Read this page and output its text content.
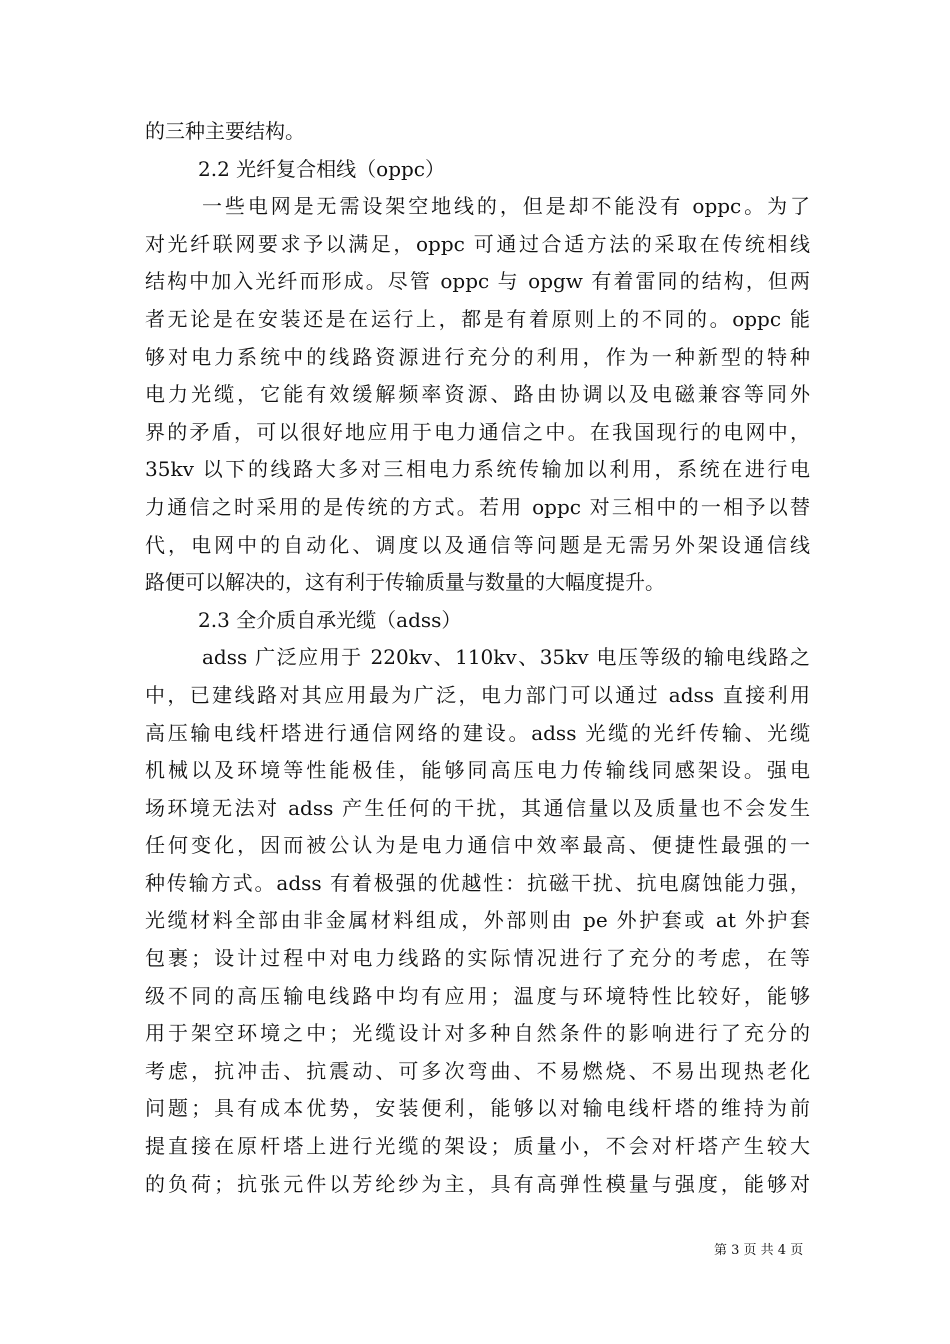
的三种主要结构。
2.2 光纤复合相线（oppc）
一些电网是无需设架空地线的，但是却不能没有 oppc。为了
对光纤联网要求予以满足，oppc 可通过合适方法的采取在传统相线
结构中加入光纤而形成。尽管 oppc 与 opgw 有着雷同的结构，但两
者无论是在安装还是在运行上，都是有着原则上的不同的。oppc 能
够对电力系统中的线路资源进行充分的利用，作为一种新型的特种
电力光缆，它能有效缓解频率资源、路由协调以及电磁兼容等同外
界的矛盾，可以很好地应用于电力通信之中。在我国现行的电网中，
35kv 以下的线路大多对三相电力系统传输加以利用，系统在进行电
力通信之时采用的是传统的方式。若用 oppc 对三相中的一相予以替
代，电网中的自动化、调度以及通信等问题是无需另外架设通信线
路便可以解决的，这有利于传输质量与数量的大幅度提升。
2.3 全介质自承光缆（adss）
adss 广泛应用于 220kv、110kv、35kv 电压等级的输电线路之
中，已建线路对其应用最为广泛，电力部门可以通过 adss 直接利用
高压输电线杆塔进行通信网络的建设。adss 光缆的光纤传输、光缆
机械以及环境等性能极佳，能够同高压电力传输线同感架设。强电
场环境无法对 adss 产生任何的干扰，其通信量以及质量也不会发生
任何变化，因而被公认为是电力通信中效率最高、便捷性最强的一
种传输方式。adss 有着极强的优越性：抗磁干扰、抗电腐蚀能力强，
光缆材料全部由非金属材料组成，外部则由 pe 外护套或 at 外护套
包裹；设计过程中对电力线路的实际情况进行了充分的考虑，在等
级不同的高压输电线路中均有应用；温度与环境特性比较好，能够
用于架空环境之中；光缆设计对多种自然条件的影响进行了充分的
考虑，抗冲击、抗震动、可多次弯曲、不易燃烧、不易出现热老化
问题；具有成本优势，安装便利，能够以对输电线杆塔的维持为前
提直接在原杆塔上进行光缆的架设；质量小，不会对杆塔产生较大
的负荷；抗张元件以芳纶纱为主，具有高弹性模量与强度，能够对
第 3 页 共 4 页
